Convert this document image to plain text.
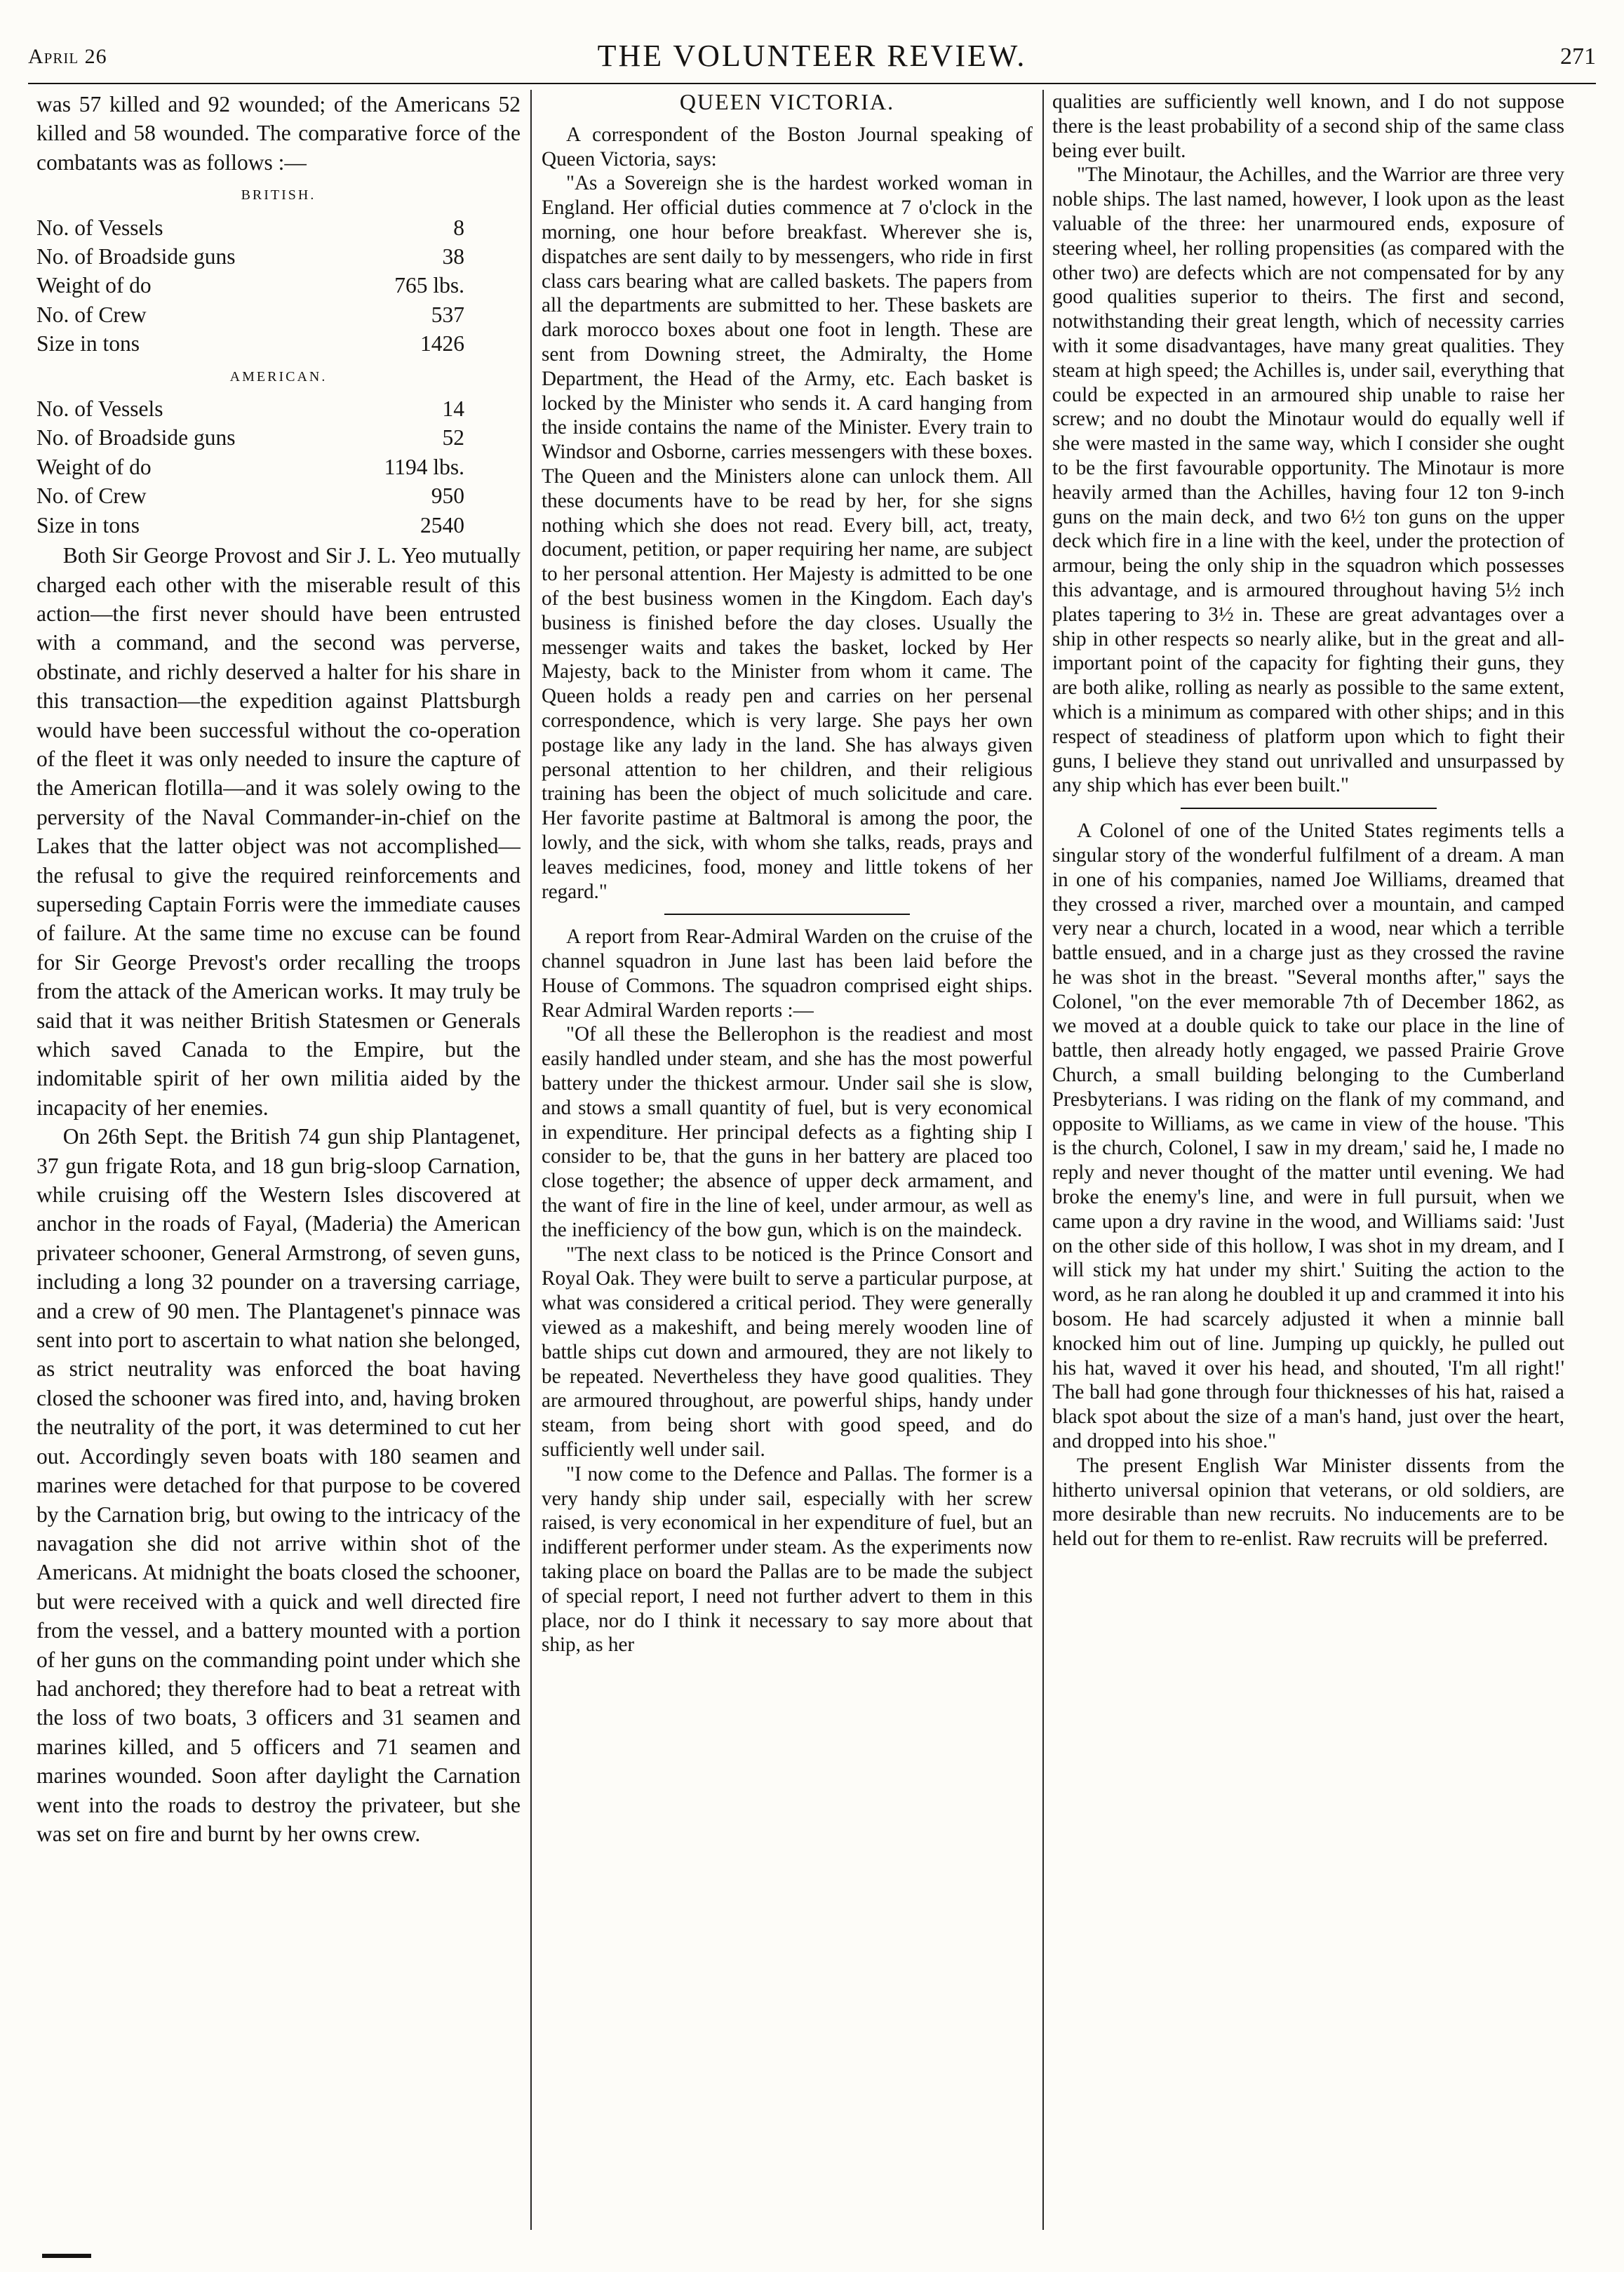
April 26	THE VOLUNTEER REVIEW.	271

was 57 killed and 92 wounded; of the Americans 52 killed and 58 wounded. The comparative force of the combatants was as follows :—

BRITISH.
No. of Vessels	8
No. of Broadside guns	38
Weight of do	765 lbs.
No. of Crew	537
Size in tons	1426
AMERICAN.
No. of Vessels	14
No. of Broadside guns	52
Weight of do	1194 lbs.
No. of Crew	950
Size in tons	2540

Both Sir George Provost and Sir J. L. Yeo mutually charged each other with the miserable result of this action—the first never should have been entrusted with a command, and the second was perverse, obstinate, and richly deserved a halter for his share in this transaction—the expedition against Plattsburgh would have been successful without the co-operation of the fleet it was only needed to insure the capture of the American flotilla—and it was solely owing to the perversity of the Naval Commander-in-chief on the Lakes that the latter object was not accomplished—the refusal to give the required reinforcements and superseding Captain Forris were the immediate causes of failure. At the same time no excuse can be found for Sir George Prevost's order recalling the troops from the attack of the American works. It may truly be said that it was neither British Statesmen or Generals which saved Canada to the Empire, but the indomitable spirit of her own militia aided by the incapacity of her enemies.

On 26th Sept. the British 74 gun ship Plantagenet, 37 gun frigate Rota, and 18 gun brig-sloop Carnation, while cruising off the Western Isles discovered at anchor in the roads of Fayal, (Maderia) the American privateer schooner, General Armstrong, of seven guns, including a long 32 pounder on a traversing carriage, and a crew of 90 men. The Plantagenet's pinnace was sent into port to ascertain to what nation she belonged, as strict neutrality was enforced the boat having closed the schooner was fired into, and, having broken the neutrality of the port, it was determined to cut her out. Accordingly seven boats with 180 seamen and marines were detached for that purpose to be covered by the Carnation brig, but owing to the intricacy of the navagation she did not arrive within shot of the Americans. At midnight the boats closed the schooner, but were received with a quick and well directed fire from the vessel, and a battery mounted with a portion of her guns on the commanding point under which she had anchored; they therefore had to beat a retreat with the loss of two boats, 3 officers and 31 seamen and marines killed, and 5 officers and 71 seamen and marines wounded. Soon after daylight the Carnation went into the roads to destroy the privateer, but she was set on fire and burnt by her owns crew.

QUEEN VICTORIA.

A correspondent of the Boston Journal speaking of Queen Victoria, says:

"As a Sovereign she is the hardest worked woman in England. Her official duties commence at 7 o'clock in the morning, one hour before breakfast. Wherever she is, dispatches are sent daily to by messengers, who ride in first class cars bearing what are called baskets. The papers from all the departments are submitted to her. These baskets are dark morocco boxes about one foot in length. These are sent from Downing street, the Admiralty, the Home Department, the Head of the Army, etc. Each basket is locked by the Minister who sends it. A card hanging from the inside contains the name of the Minister. Every train to Windsor and Osborne, carries messengers with these boxes. The Queen and the Ministers alone can unlock them. All these documents have to be read by her, for she signs nothing which she does not read. Every bill, act, treaty, document, petition, or paper requiring her name, are subject to her personal attention. Her Majesty is admitted to be one of the best business women in the Kingdom. Each day's business is finished before the day closes. Usually the messenger waits and takes the basket, locked by Her Majesty, back to the Minister from whom it came. The Queen holds a ready pen and carries on her persenal correspondence, which is very large. She pays her own postage like any lady in the land. She has always given personal attention to her children, and their religious training has been the object of much solicitude and care. Her favorite pastime at Baltmoral is among the poor, the lowly, and the sick, with whom she talks, reads, prays and leaves medicines, food, money and little tokens of her regard."

A report from Rear-Admiral Warden on the cruise of the channel squadron in June last has been laid before the House of Commons. The squadron comprised eight ships. Rear Admiral Warden reports :—

"Of all these the Bellerophon is the readiest and most easily handled under steam, and she has the most powerful battery under the thickest armour. Under sail she is slow, and stows a small quantity of fuel, but is very economical in expenditure. Her principal defects as a fighting ship I consider to be, that the guns in her battery are placed too close together; the absence of upper deck armament, and the want of fire in the line of keel, under armour, as well as the inefficiency of the bow gun, which is on the maindeck.

"The next class to be noticed is the Prince Consort and Royal Oak. They were built to serve a particular purpose, at what was considered a critical period. They were generally viewed as a makeshift, and being merely wooden line of battle ships cut down and armoured, they are not likely to be repeated. Nevertheless they have good qualities. They are armoured throughout, are powerful ships, handy under steam, from being short with good speed, and do sufficiently well under sail.

"I now come to the Defence and Pallas. The former is a very handy ship under sail, especially with her screw raised, is very economical in her expenditure of fuel, but an indifferent performer under steam. As the experiments now taking place on board the Pallas are to be made the subject of special report, I need not further advert to them in this place, nor do I think it necessary to say more about that ship, as her

qualities are sufficiently well known, and I do not suppose there is the least probability of a second ship of the same class being ever built.

"The Minotaur, the Achilles, and the Warrior are three very noble ships. The last named, however, I look upon as the least valuable of the three: her unarmoured ends, exposure of steering wheel, her rolling propensities (as compared with the other two) are defects which are not compensated for by any good qualities superior to theirs. The first and second, notwithstanding their great length, which of necessity carries with it some disadvantages, have many great qualities. They steam at high speed; the Achilles is, under sail, everything that could be expected in an armoured ship unable to raise her screw; and no doubt the Minotaur would do equally well if she were masted in the same way, which I consider she ought to be the first favourable opportunity. The Minotaur is more heavily armed than the Achilles, having four 12 ton 9-inch guns on the main deck, and two 6½ ton guns on the upper deck which fire in a line with the keel, under the protection of armour, being the only ship in the squadron which possesses this advantage, and is armoured throughout having 5½ inch plates tapering to 3½ in. These are great advantages over a ship in other respects so nearly alike, but in the great and all-important point of the capacity for fighting their guns, they are both alike, rolling as nearly as possible to the same extent, which is a minimum as compared with other ships; and in this respect of steadiness of platform upon which to fight their guns, I believe they stand out unrivalled and unsurpassed by any ship which has ever been built."

A Colonel of one of the United States regiments tells a singular story of the wonderful fulfilment of a dream. A man in one of his companies, named Joe Williams, dreamed that they crossed a river, marched over a mountain, and camped very near a church, located in a wood, near which a terrible battle ensued, and in a charge just as they crossed the ravine he was shot in the breast. "Several months after," says the Colonel, "on the ever memorable 7th of December 1862, as we moved at a double quick to take our place in the line of battle, then already hotly engaged, we passed Prairie Grove Church, a small building belonging to the Cumberland Presbyterians. I was riding on the flank of my command, and opposite to Williams, as we came in view of the house. 'This is the church, Colonel, I saw in my dream,' said he, I made no reply and never thought of the matter until evening. We had broke the enemy's line, and were in full pursuit, when we came upon a dry ravine in the wood, and Williams said: 'Just on the other side of this hollow, I was shot in my dream, and I will stick my hat under my shirt.' Suiting the action to the word, as he ran along he doubled it up and crammed it into his bosom. He had scarcely adjusted it when a minnie ball knocked him out of line. Jumping up quickly, he pulled out his hat, waved it over his head, and shouted, 'I'm all right!' The ball had gone through four thicknesses of his hat, raised a black spot about the size of a man's hand, just over the heart, and dropped into his shoe."

The present English War Minister dissents from the hitherto universal opinion that veterans, or old soldiers, are more desirable than new recruits. No inducements are to be held out for them to re-enlist. Raw recruits will be preferred.
